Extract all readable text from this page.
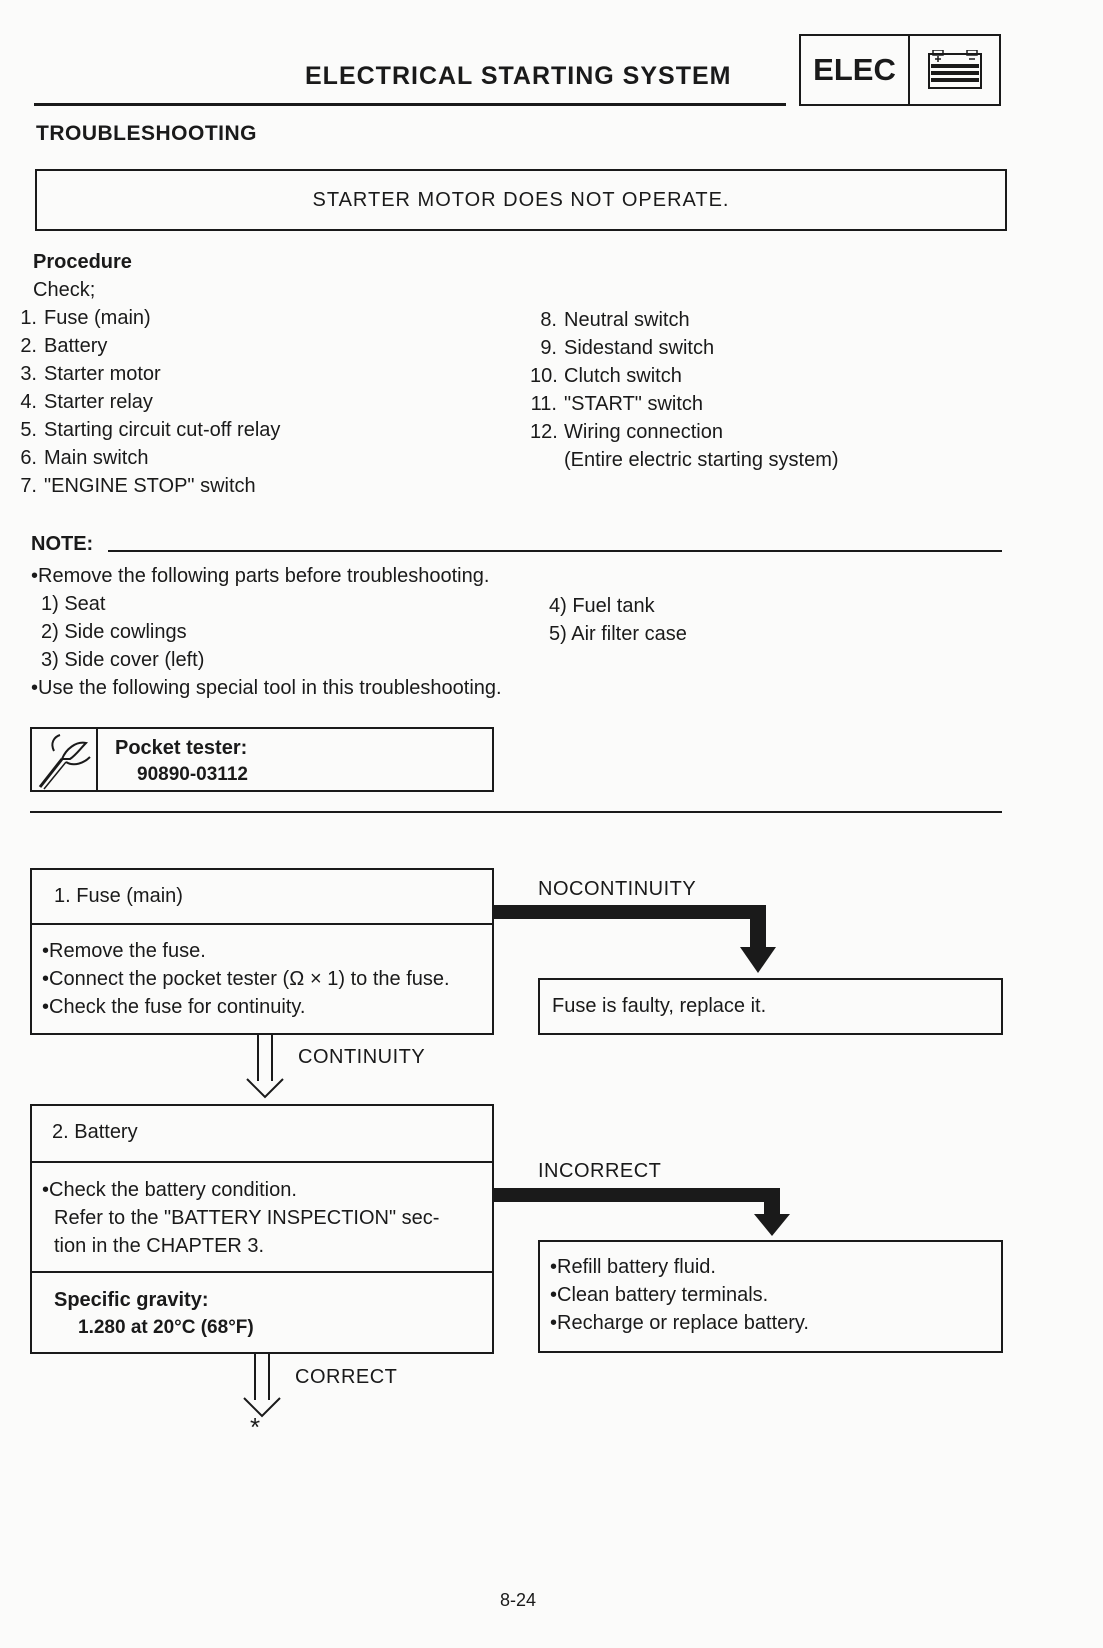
ELECTRICAL STARTING SYSTEM	ELEC
TROUBLESHOOTING
STARTER MOTOR DOES NOT OPERATE.
Procedure
Check;
1. Fuse (main)
2. Battery
3. Starter motor
4. Starter relay
5. Starting circuit cut-off relay
6. Main switch
7. "ENGINE STOP" switch
8. Neutral switch
9. Sidestand switch
10. Clutch switch
11. "START" switch
12. Wiring connection
(Entire electric starting system)
NOTE:
•Remove the following parts before troubleshooting.
1) Seat
2) Side cowlings
3) Side cover (left)
4) Fuel tank
5) Air filter case
•Use the following special tool in this troubleshooting.
Pocket tester:
90890-03112
1. Fuse (main)
•Remove the fuse.
•Connect the pocket tester (Ω × 1) to the fuse.
•Check the fuse for continuity.
NOCONTINUITY
Fuse is faulty, replace it.
CONTINUITY
2. Battery
•Check the battery condition.
Refer to the "BATTERY INSPECTION" sec-
tion in the CHAPTER 3.
Specific gravity:
1.280 at 20°C (68°F)
INCORRECT
•Refill battery fluid.
•Clean battery terminals.
•Recharge or replace battery.
CORRECT
*
8-24
